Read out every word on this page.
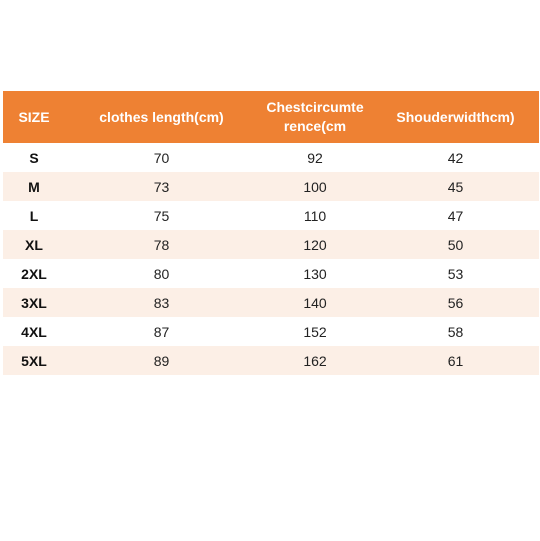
SIZE	clothes length(cm)	Chestcircumte rence(cm	Shouderwidthcm)
S	70	92	42
M	73	100	45
L	75	110	47
XL	78	120	50
2XL	80	130	53
3XL	83	140	56
4XL	87	152	58
5XL	89	162	61
